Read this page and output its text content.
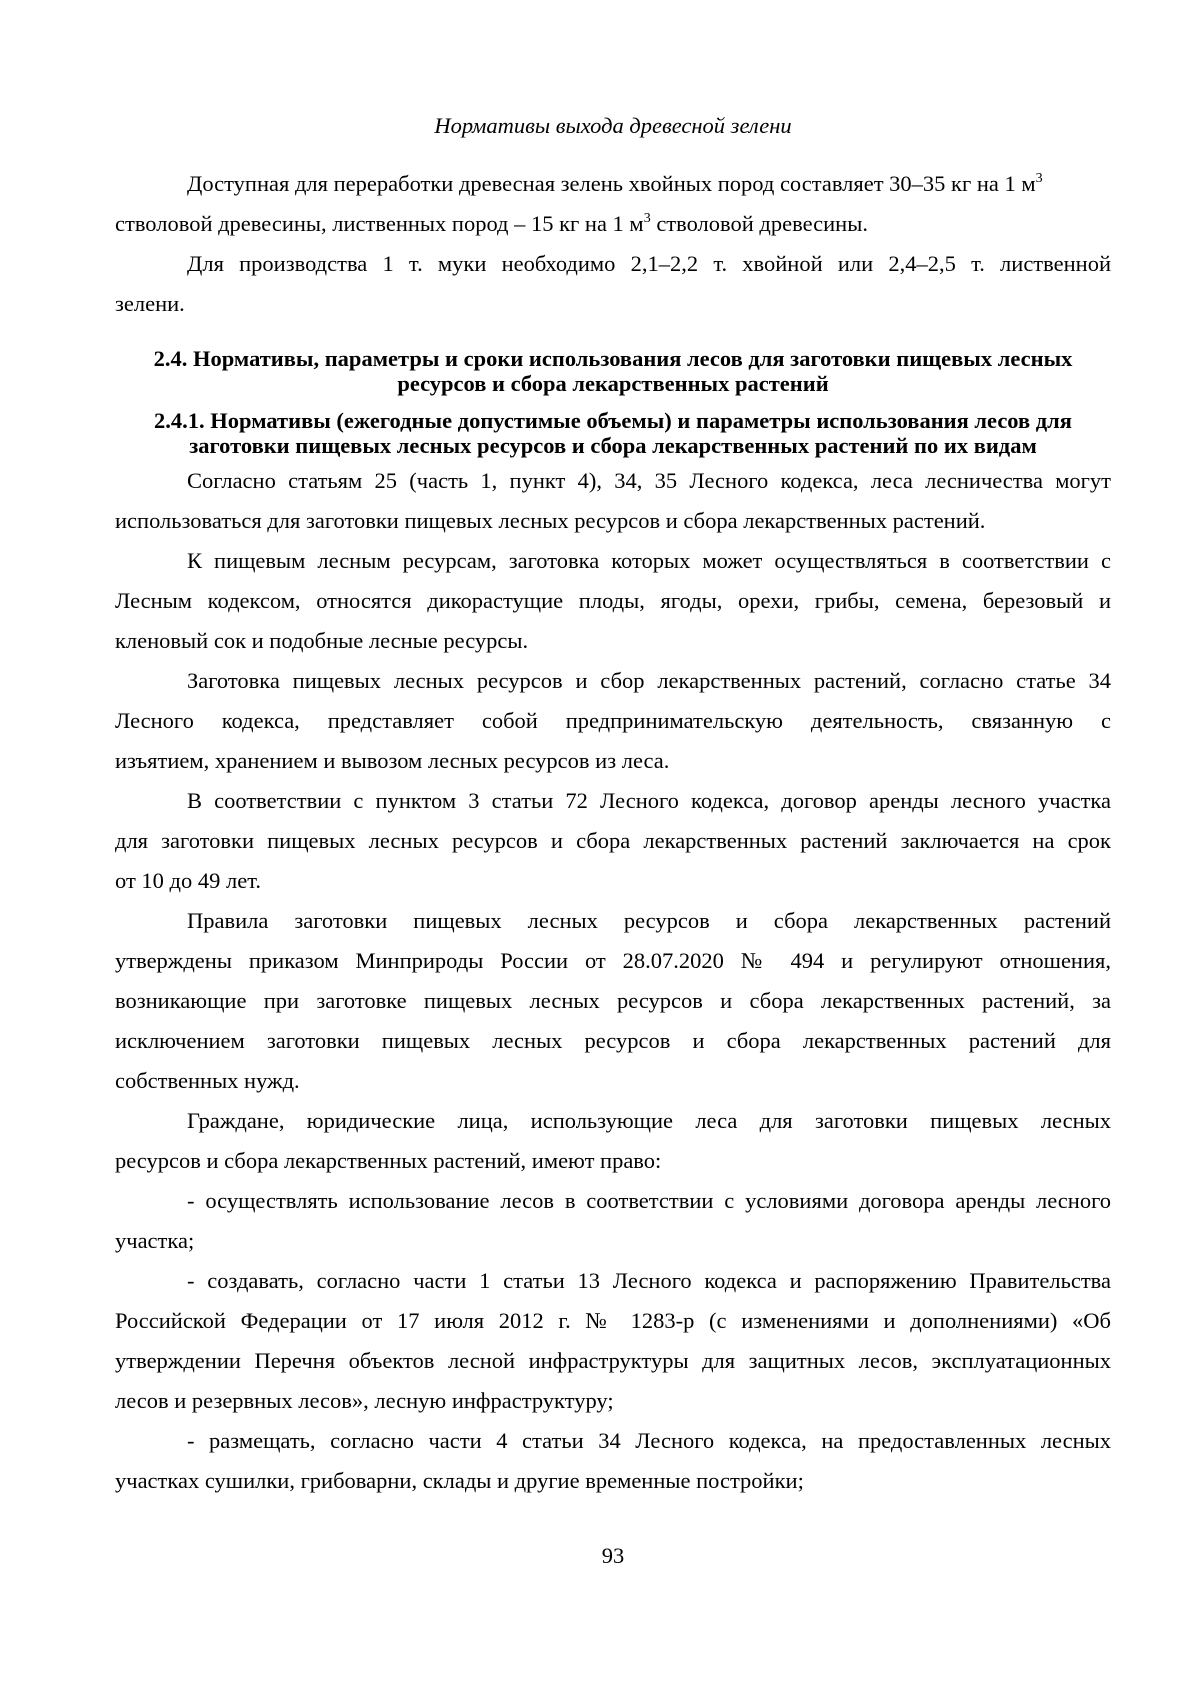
Нормативы выхода древесной зелени
Доступная для переработки древесная зелень хвойных пород составляет 30–35 кг на 1 $м^3$
стволовой древесины, лиственных пород – 15 кг на 1 $м^3$ стволовой древесины.
Для производства 1 т. муки необходимо 2,1–2,2 т. хвойной или 2,4–2,5 т. лиственной
зелени.
2.4. Нормативы, параметры и сроки использования лесов для заготовки пищевых лесных
ресурсов и сбора лекарственных растений
2.4.1. Нормативы (ежегодные допустимые объемы) и параметры использования лесов для
заготовки пищевых лесных ресурсов и сбора лекарственных растений по их видам
Согласно статьям 25 (часть 1, пункт 4), 34, 35 Лесного кодекса, леса лесничества могут
использоваться для заготовки пищевых лесных ресурсов и сбора лекарственных растений.
К пищевым лесным ресурсам, заготовка которых может осуществляться в соответствии с
Лесным кодексом, относятся дикорастущие плоды, ягоды, орехи, грибы, семена, березовый и
кленовый сок и подобные лесные ресурсы.
Заготовка пищевых лесных ресурсов и сбор лекарственных растений, согласно статье 34
Лесного кодекса, представляет собой предпринимательскую деятельность, связанную с
изъятием, хранением и вывозом лесных ресурсов из леса.
В соответствии с пунктом 3 статьи 72 Лесного кодекса, договор аренды лесного участка
для заготовки пищевых лесных ресурсов и сбора лекарственных растений заключается на срок
от 10 до 49 лет.
Правила заготовки пищевых лесных ресурсов и сбора лекарственных растений
утверждены приказом Минприроды России от 28.07.2020 № 494 и регулируют отношения,
возникающие при заготовке пищевых лесных ресурсов и сбора лекарственных растений, за
исключением заготовки пищевых лесных ресурсов и сбора лекарственных растений для
собственных нужд.
Граждане, юридические лица, использующие леса для заготовки пищевых лесных
ресурсов и сбора лекарственных растений, имеют право:
- осуществлять использование лесов в соответствии с условиями договора аренды лесного
участка;
- создавать, согласно части 1 статьи 13 Лесного кодекса и распоряжению Правительства
Российской Федерации от 17 июля 2012 г. № 1283-р (с изменениями и дополнениями) «Об
утверждении Перечня объектов лесной инфраструктуры для защитных лесов, эксплуатационных
лесов и резервных лесов», лесную инфраструктуру;
- размещать, согласно части 4 статьи 34 Лесного кодекса, на предоставленных лесных
участках сушилки, грибоварни, склады и другие временные постройки;
93
